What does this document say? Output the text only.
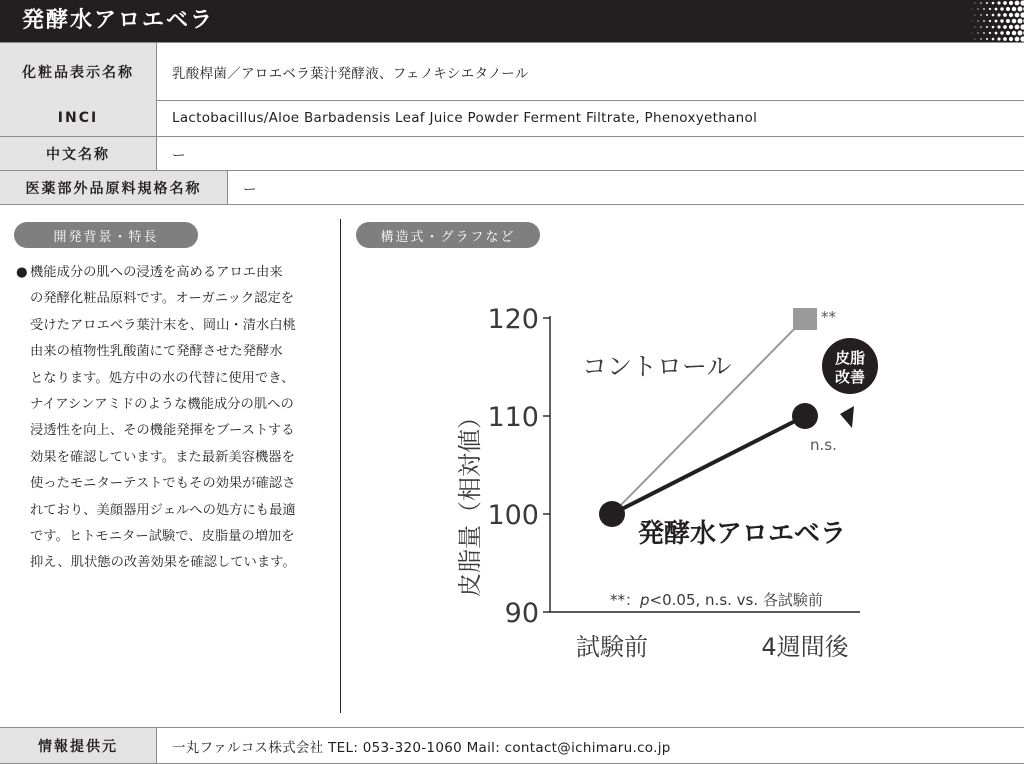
発酵水アロエベラ
化粧品表示名称	乳酸桿菌／アロエベラ葉汁発酵液、フェノキシエタノール
INCI	Lactobacillus/Aloe Barbadensis Leaf Juice Powder Ferment Filtrate, Phenoxyethanol
中文名称	ー
医薬部外品原料規格名称	ー
開発背景・特長	構造式・グラフなど
● 機能成分の肌への浸透を高めるアロエ由来
の発酵化粧品原料です。オーガニック認定を
受けたアロエベラ葉汁末を、岡山・清水白桃
由来の植物性乳酸菌にて発酵させた発酵水
となります。処方中の水の代替に使用でき、
ナイアシンアミドのような機能成分の肌への
浸透性を向上、その機能発揮をブーストする
効果を確認しています。また最新美容機器を
使ったモニターテストでもその効果が確認さ
れており、美顔器用ジェルへの処方にも最適
です。ヒトモニター試験で、皮脂量の増加を
抑え、肌状態の改善効果を確認しています。
90
100
110
120
皮脂量（相対値）
試験前	4週間後
**
n.s.
コントロール
発酵水アロエベラ
**：p<0.05, n.s. vs. 各試験前
皮脂
改善
情報提供元	一丸ファルコス株式会社 TEL: 053-320-1060 Mail: contact@ichimaru.co.jp
